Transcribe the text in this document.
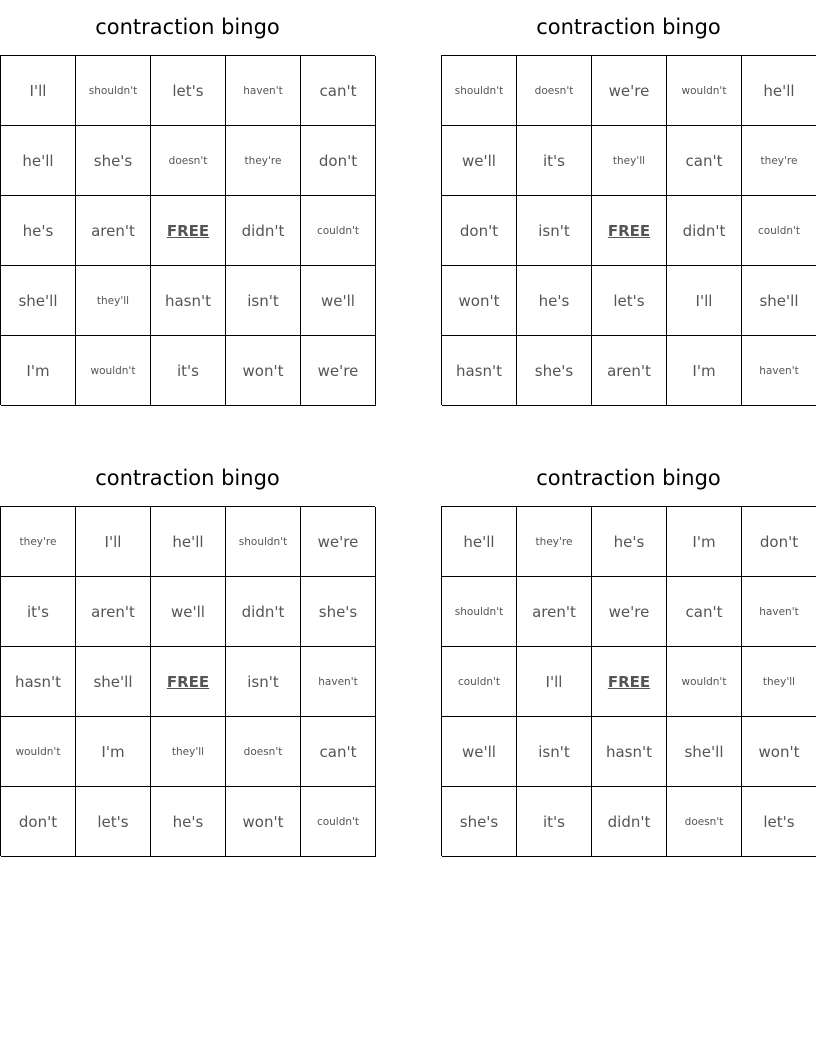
contraction bingo
I'll	shouldn't	let's	haven't	can't
he'll	she's	doesn't	they're	don't
he's	aren't	FREE	didn't	couldn't
she'll	they'll	hasn't	isn't	we'll
I'm	wouldn't	it's	won't	we're
contraction bingo
shouldn't	doesn't	we're	wouldn't	he'll
we'll	it's	they'll	can't	they're
don't	isn't	FREE	didn't	couldn't
won't	he's	let's	I'll	she'll
hasn't	she's	aren't	I'm	haven't
contraction bingo
they're	I'll	he'll	shouldn't	we're
it's	aren't	we'll	didn't	she's
hasn't	she'll	FREE	isn't	haven't
wouldn't	I'm	they'll	doesn't	can't
don't	let's	he's	won't	couldn't
contraction bingo
he'll	they're	he's	I'm	don't
shouldn't	aren't	we're	can't	haven't
couldn't	I'll	FREE	wouldn't	they'll
we'll	isn't	hasn't	she'll	won't
she's	it's	didn't	doesn't	let's
